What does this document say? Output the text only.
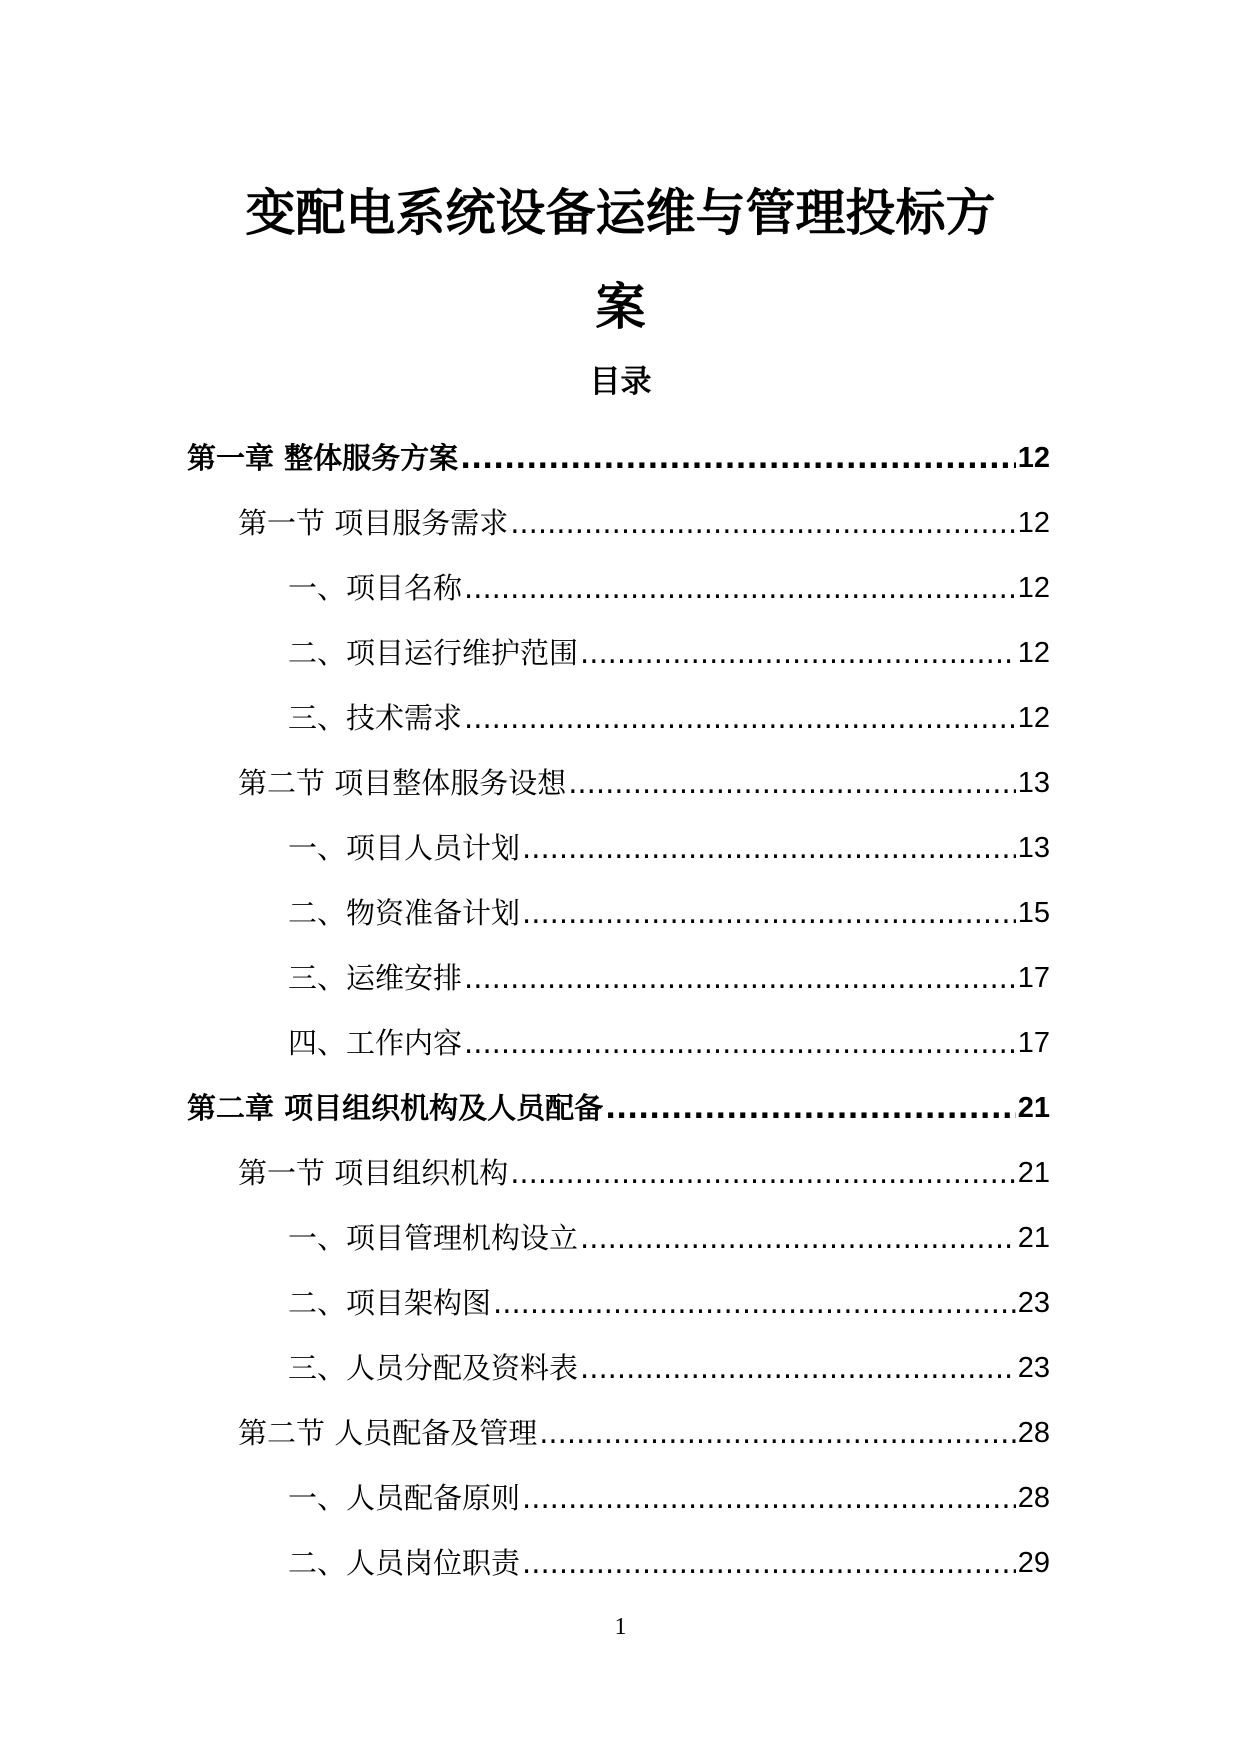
变配电系统设备运维与管理投标方
案
目录
第一章 整体服务方案 .....	12
第一节 项目服务需求 .....	12
一、项目名称 .....	12
二、项目运行维护范围 .....	12
三、技术需求 .....	12
第二节 项目整体服务设想 .....	13
一、项目人员计划 .....	13
二、物资准备计划 .....	15
三、运维安排 .....	17
四、工作内容 .....	17
第二章 项目组织机构及人员配备 .....	21
第一节 项目组织机构 .....	21
一、项目管理机构设立 .....	21
二、项目架构图 .....	23
三、人员分配及资料表 .....	23
第二节 人员配备及管理 .....	28
一、人员配备原则 .....	28
二、人员岗位职责 .....	29
1
